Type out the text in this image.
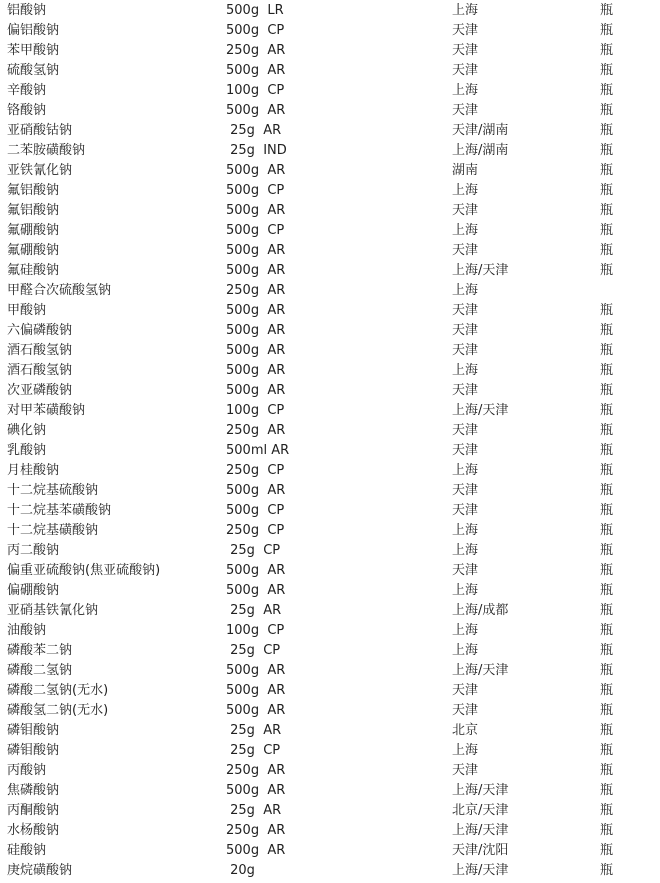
铝酸钠	500g  LR	上海	瓶
偏铝酸钠	500g  CP	天津	瓶
苯甲酸钠	250g  AR	天津	瓶
硫酸氢钠	500g  AR	天津	瓶
辛酸钠	100g  CP	上海	瓶
铬酸钠	500g  AR	天津	瓶
亚硝酸钴钠	25g  AR	天津/湖南	瓶
二苯胺磺酸钠	25g  IND	上海/湖南	瓶
亚铁氰化钠	500g  AR	湖南	瓶
氟铝酸钠	500g  CP	上海	瓶
氟铝酸钠	500g  AR	天津	瓶
氟硼酸钠	500g  CP	上海	瓶
氟硼酸钠	500g  AR	天津	瓶
氟硅酸钠	500g  AR	上海/天津	瓶
甲醛合次硫酸氢钠	250g  AR	上海
甲酸钠	500g  AR	天津	瓶
六偏磷酸钠	500g  AR	天津	瓶
酒石酸氢钠	500g  AR	天津	瓶
酒石酸氢钠	500g  AR	上海	瓶
次亚磷酸钠	500g  AR	天津	瓶
对甲苯磺酸钠	100g  CP	上海/天津	瓶
碘化钠	250g  AR	天津	瓶
乳酸钠	500ml AR	天津	瓶
月桂酸钠	250g  CP	上海	瓶
十二烷基硫酸钠	500g  AR	天津	瓶
十二烷基苯磺酸钠	500g  CP	天津	瓶
十二烷基磺酸钠	250g  CP	上海	瓶
丙二酸钠	25g  CP	上海	瓶
偏重亚硫酸钠(焦亚硫酸钠)	500g  AR	天津	瓶
偏硼酸钠	500g  AR	上海	瓶
亚硝基铁氰化钠	25g  AR	上海/成都	瓶
油酸钠	100g  CP	上海	瓶
磷酸苯二钠	25g  CP	上海	瓶
磷酸二氢钠	500g  AR	上海/天津	瓶
磷酸二氢钠(无水)	500g  AR	天津	瓶
磷酸氢二钠(无水)	500g  AR	天津	瓶
磷钼酸钠	25g  AR	北京	瓶
磷钼酸钠	25g  CP	上海	瓶
丙酸钠	250g  AR	天津	瓶
焦磷酸钠	500g  AR	上海/天津	瓶
丙酮酸钠	25g  AR	北京/天津	瓶
水杨酸钠	250g  AR	上海/天津	瓶
硅酸钠	500g  AR	天津/沈阳	瓶
庚烷磺酸钠	20g	上海/天津	瓶
